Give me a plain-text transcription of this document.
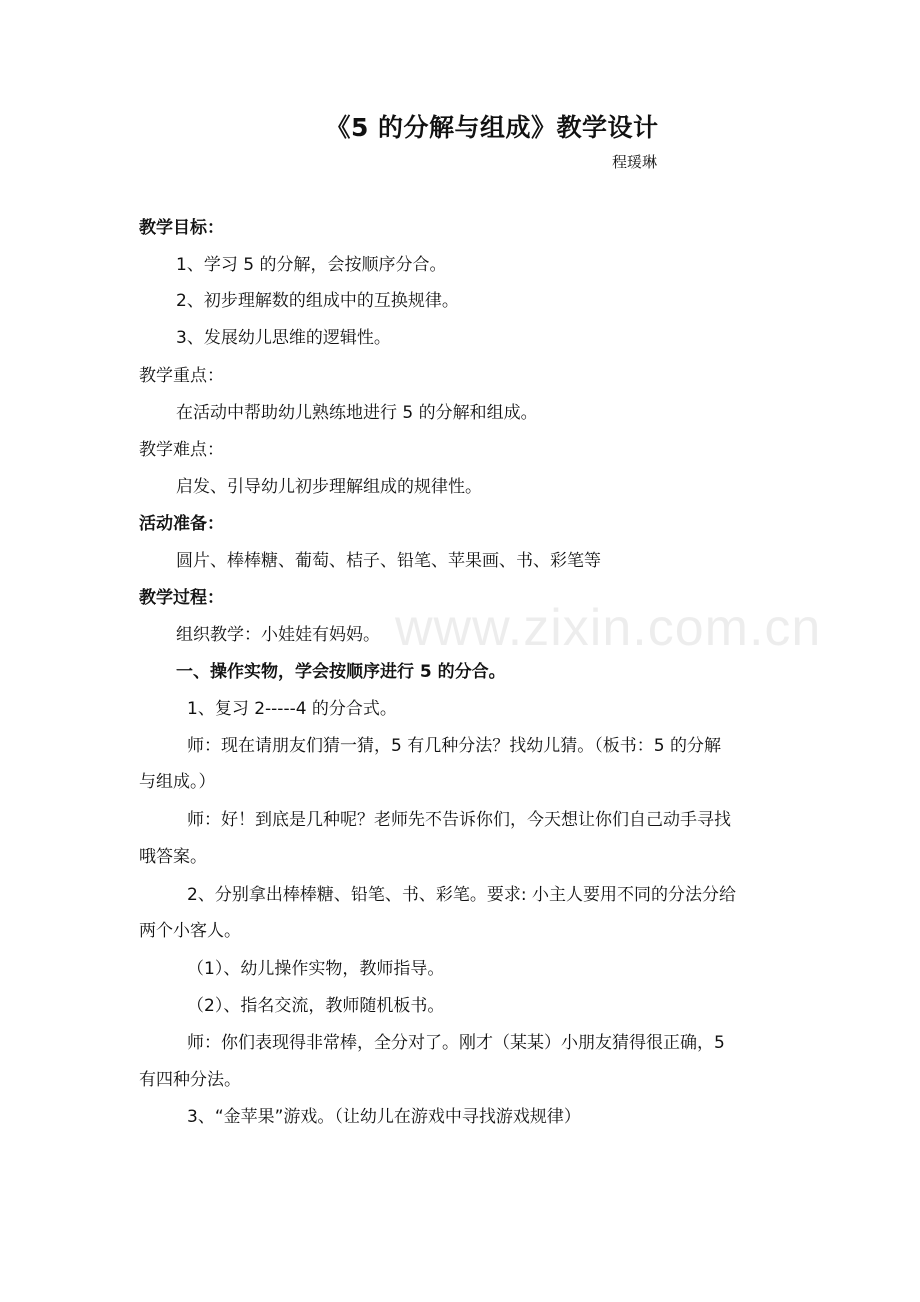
《5 的分解与组成》教学设计
程瑗琳
教学目标：
1、学习 5 的分解，会按顺序分合。
2、初步理解数的组成中的互换规律。
3、发展幼儿思维的逻辑性。
教学重点：
在活动中帮助幼儿熟练地进行 5 的分解和组成。
教学难点：
启发、引导幼儿初步理解组成的规律性。
活动准备：
圆片、棒棒糖、葡萄、桔子、铅笔、苹果画、书、彩笔等
教学过程：
组织教学：小娃娃有妈妈。
一、操作实物，学会按顺序进行 5 的分合。
1、复习 2-----4 的分合式。
师：现在请朋友们猜一猜，5 有几种分法？找幼儿猜。（板书：5 的分解
与组成。）
师：好！到底是几种呢？老师先不告诉你们，今天想让你们自己动手寻找
哦答案。
2、分别拿出棒棒糖、铅笔、书、彩笔。要求: 小主人要用不同的分法分给
两个小客人。
（1）、幼儿操作实物，教师指导。
（2）、指名交流，教师随机板书。
师：你们表现得非常棒，全分对了。刚才（某某）小朋友猜得很正确，5
有四种分法。
3、“金苹果”游戏。（让幼儿在游戏中寻找游戏规律）
www.zixin.com.cn
